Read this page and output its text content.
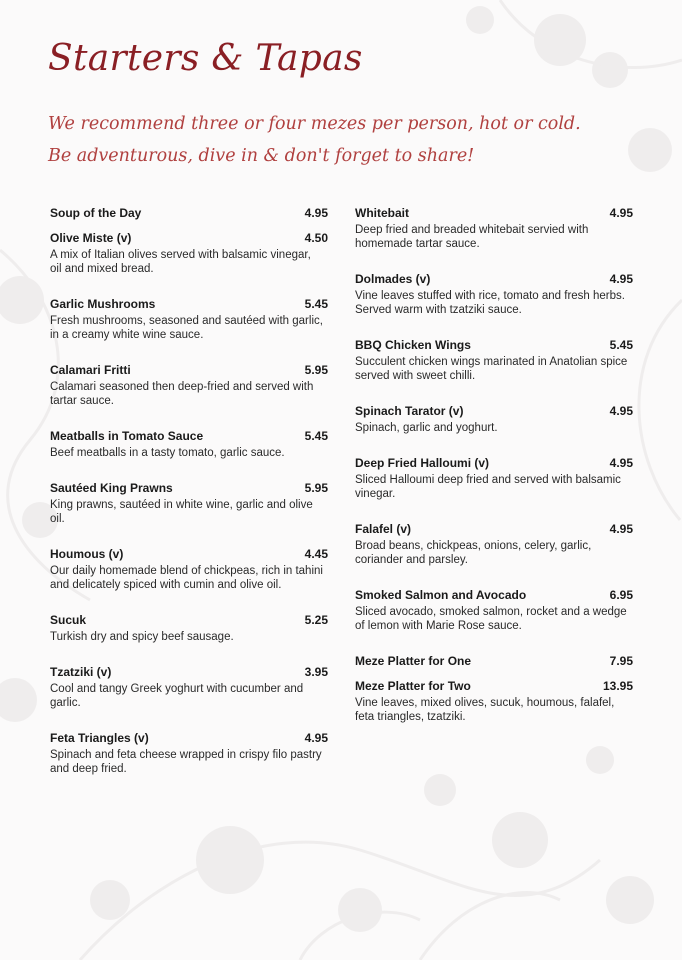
Starters & Tapas
We recommend three or four mezes per person, hot or cold.
Be adventurous, dive in & don't forget to share!
Soup of the Day	4.95
Olive Miste (v)	4.50
A mix of Italian olives served with balsamic vinegar, oil and mixed bread.
Garlic Mushrooms	5.45
Fresh mushrooms, seasoned and sautéed with garlic, in a creamy white wine sauce.
Calamari Fritti	5.95
Calamari seasoned then deep-fried and served with tartar sauce.
Meatballs in Tomato Sauce	5.45
Beef meatballs in a tasty tomato, garlic sauce.
Sautéed King Prawns	5.95
King prawns, sautéed in white wine, garlic and olive oil.
Houmous (v)	4.45
Our daily homemade blend of chickpeas, rich in tahini and delicately spiced with cumin and olive oil.
Sucuk	5.25
Turkish dry and spicy beef sausage.
Tzatziki (v)	3.95
Cool and tangy Greek yoghurt with cucumber and garlic.
Feta Triangles (v)	4.95
Spinach and feta cheese wrapped in crispy filo pastry and deep fried.
Whitebait	4.95
Deep fried and breaded whitebait servied with homemade tartar sauce.
Dolmades (v)	4.95
Vine leaves stuffed with rice, tomato and fresh herbs. Served warm with tzatziki sauce.
BBQ Chicken Wings	5.45
Succulent chicken wings marinated in Anatolian spice served with sweet chilli.
Spinach Tarator (v)	4.95
Spinach, garlic and yoghurt.
Deep Fried Halloumi (v)	4.95
Sliced Halloumi deep fried and served with balsamic vinegar.
Falafel (v)	4.95
Broad beans, chickpeas, onions, celery, garlic, coriander and parsley.
Smoked Salmon and Avocado	6.95
Sliced avocado, smoked salmon, rocket and a wedge of lemon with Marie Rose sauce.
Meze Platter for One	7.95
Meze Platter for Two	13.95
Vine leaves, mixed olives, sucuk, houmous, falafel, feta triangles, tzatziki.
